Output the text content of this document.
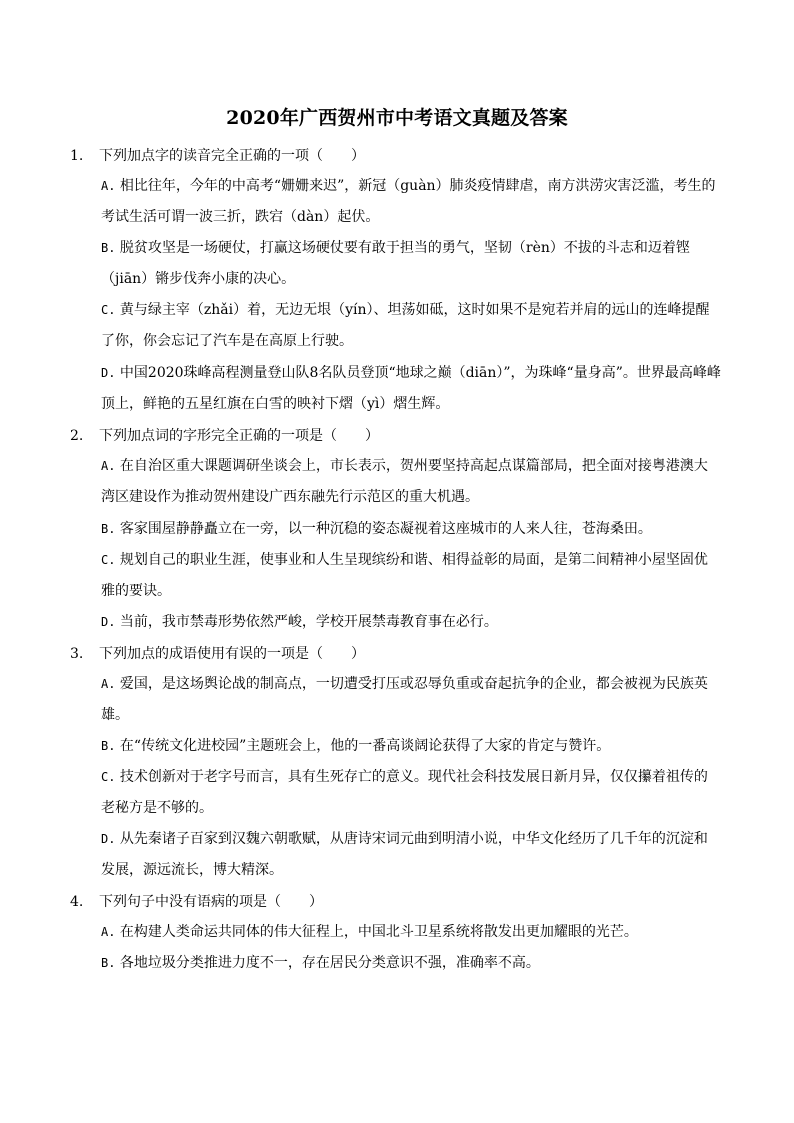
2020年广西贺州市中考语文真题及答案
1. 下列加点字的读音完全正确的一项（　　）
A. 相比往年，今年的中高考“姗姗来迟”，新冠（guàn）肺炎疫情肆虐，南方洪涝灾害泛滥，考生的考试生活可谓一波三折，跌宕（dàn）起伏。
B. 脱贫攻坚是一场硬仗，打赢这场硬仗要有敢于担当的勇气，坚韧（rèn）不拔的斗志和迈着铿（jiān）锵步伐奔小康的决心。
C. 黄与绿主宰（zhǎi）着，无边无垠（yín）、坦荡如砥，这时如果不是宛若并肩的远山的连峰提醒了你，你会忘记了汽车是在高原上行驶。
D. 中国2020珠峰高程测量登山队8名队员登顶“地球之巅（diān）”，为珠峰“量身高”。世界最高峰峰顶上，鲜艳的五星红旗在白雪的映衬下熠（yì）熠生辉。
2. 下列加点词的字形完全正确的一项是（　　）
A. 在自治区重大课题调研坐谈会上，市长表示，贺州要坚持高起点谋篇部局，把全面对接粤港澳大湾区建设作为推动贺州建设广西东融先行示范区的重大机遇。
B. 客家围屋静静矗立在一旁，以一种沉稳的姿态凝视着这座城市的人来人往，苍海桑田。
C. 规划自己的职业生涯，使事业和人生呈现缤纷和谐、相得益彰的局面，是第二间精神小屋坚固优雅的要诀。
D. 当前，我市禁毒形势依然严峻，学校开展禁毒教育事在必行。
3. 下列加点的成语使用有误的一项是（　　）
A. 爱国，是这场舆论战的制高点，一切遭受打压或忍辱负重或奋起抗争的企业，都会被视为民族英雄。
B. 在“传统文化进校园”主题班会上，他的一番高谈阔论获得了大家的肯定与赞许。
C. 技术创新对于老字号而言，具有生死存亡的意义。现代社会科技发展日新月异，仅仅攥着祖传的老秘方是不够的。
D. 从先秦诸子百家到汉魏六朝歌赋，从唐诗宋词元曲到明清小说，中华文化经历了几千年的沉淀和发展，源远流长，博大精深。
4. 下列句子中没有语病的项是（　　）
A. 在构建人类命运共同体的伟大征程上，中国北斗卫星系统将散发出更加耀眼的光芒。
B. 各地垃圾分类推进力度不一，存在居民分类意识不强，准确率不高。
